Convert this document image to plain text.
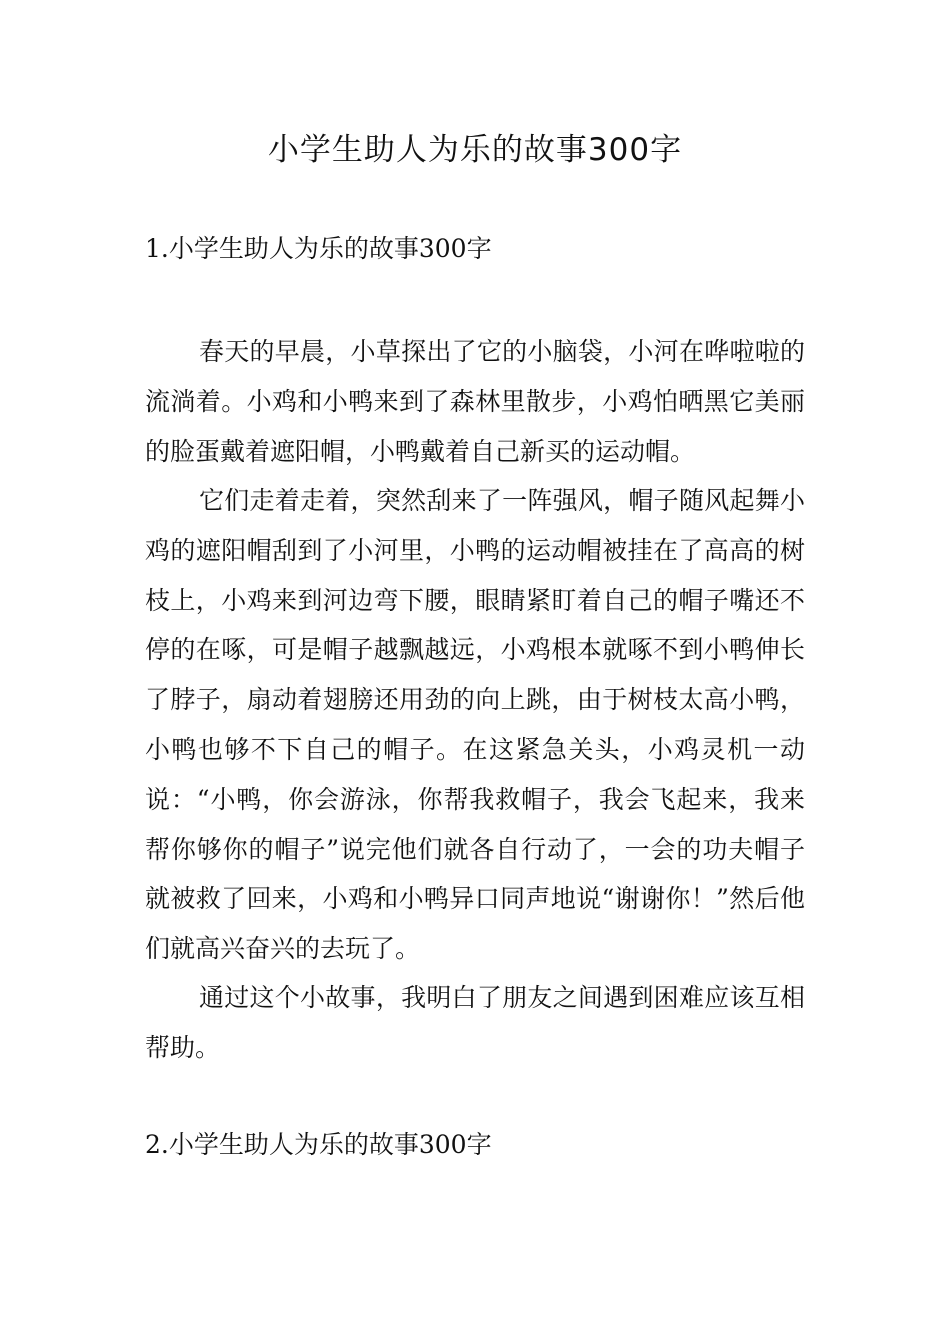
小学生助人为乐的故事300字
1.小学生助人为乐的故事300字

春天的早晨，小草探出了它的小脑袋，小河在哗啦啦的流淌着。小鸡和小鸭来到了森林里散步，小鸡怕晒黑它美丽的脸蛋戴着遮阳帽，小鸭戴着自己新买的运动帽。

它们走着走着，突然刮来了一阵强风，帽子随风起舞小鸡的遮阳帽刮到了小河里，小鸭的运动帽被挂在了高高的树枝上，小鸡来到河边弯下腰，眼睛紧盯着自己的帽子嘴还不停的在啄，可是帽子越飘越远，小鸡根本就啄不到小鸭伸长了脖子，扇动着翅膀还用劲的向上跳，由于树枝太高小鸭，小鸭也够不下自己的帽子。在这紧急关头，小鸡灵机一动说：“小鸭，你会游泳，你帮我救帽子，我会飞起来，我来帮你够你的帽子”说完他们就各自行动了，一会的功夫帽子就被救了回来，小鸡和小鸭异口同声地说“谢谢你！”然后他们就高兴奋兴的去玩了。

通过这个小故事，我明白了朋友之间遇到困难应该互相帮助。

2.小学生助人为乐的故事300字
